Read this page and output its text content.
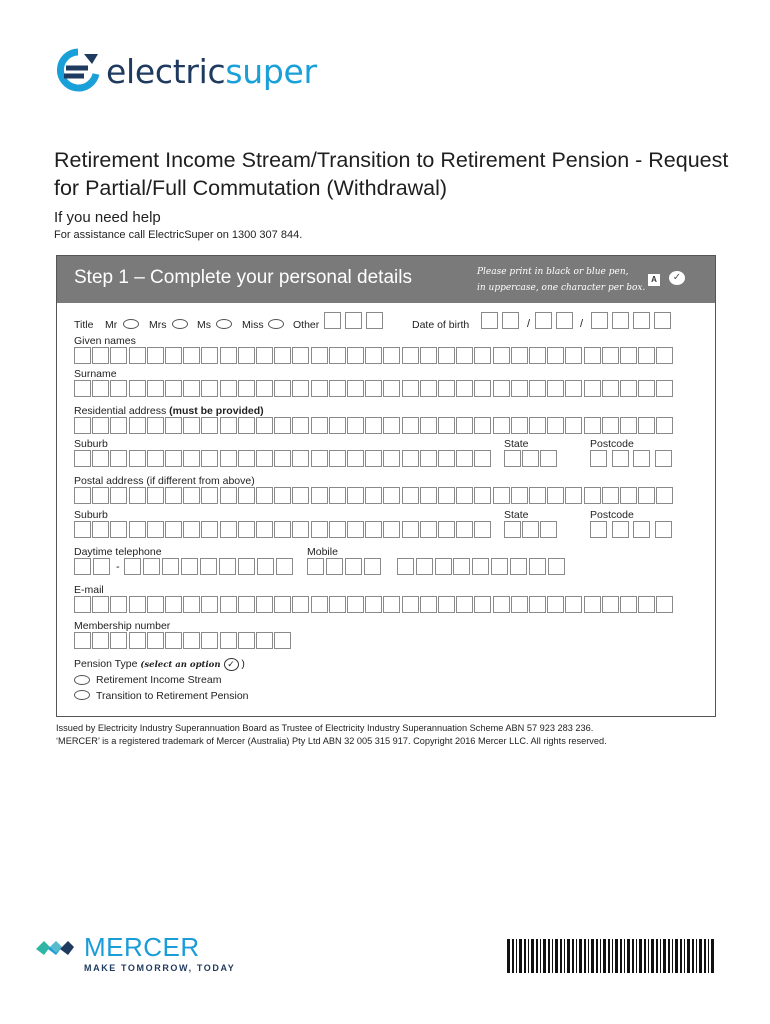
electricsuper
Retirement Income Stream/Transition to Retirement Pension - Request for Partial/Full Commutation (Withdrawal)
If you need help
For assistance call ElectricSuper on 1300 307 844.
Step 1 – Complete your personal details	Please print in black or blue pen,
in uppercase, one character per box.
A	✓
Title Mr	Mrs	Ms	Miss	Other	Date of birth	/	/
Given names
Surname
Residential address (must be provided)
Suburb	State	Postcode
Postal address (if different from above)
Suburb	State	Postcode
Daytime telephone	Mobile
-
E-mail
Membership number
Pension Type (select an option ✓ )
Retirement Income Stream
Transition to Retirement Pension
Issued by Electricity Industry Superannuation Board as Trustee of Electricity Industry Superannuation Scheme ABN 57 923 283 236.
‘MERCER’ is a registered trademark of Mercer (Australia) Pty Ltd ABN 32 005 315 917. Copyright 2016 Mercer LLC. All rights reserved.
MERCER
MAKE TOMORROW, TODAY
